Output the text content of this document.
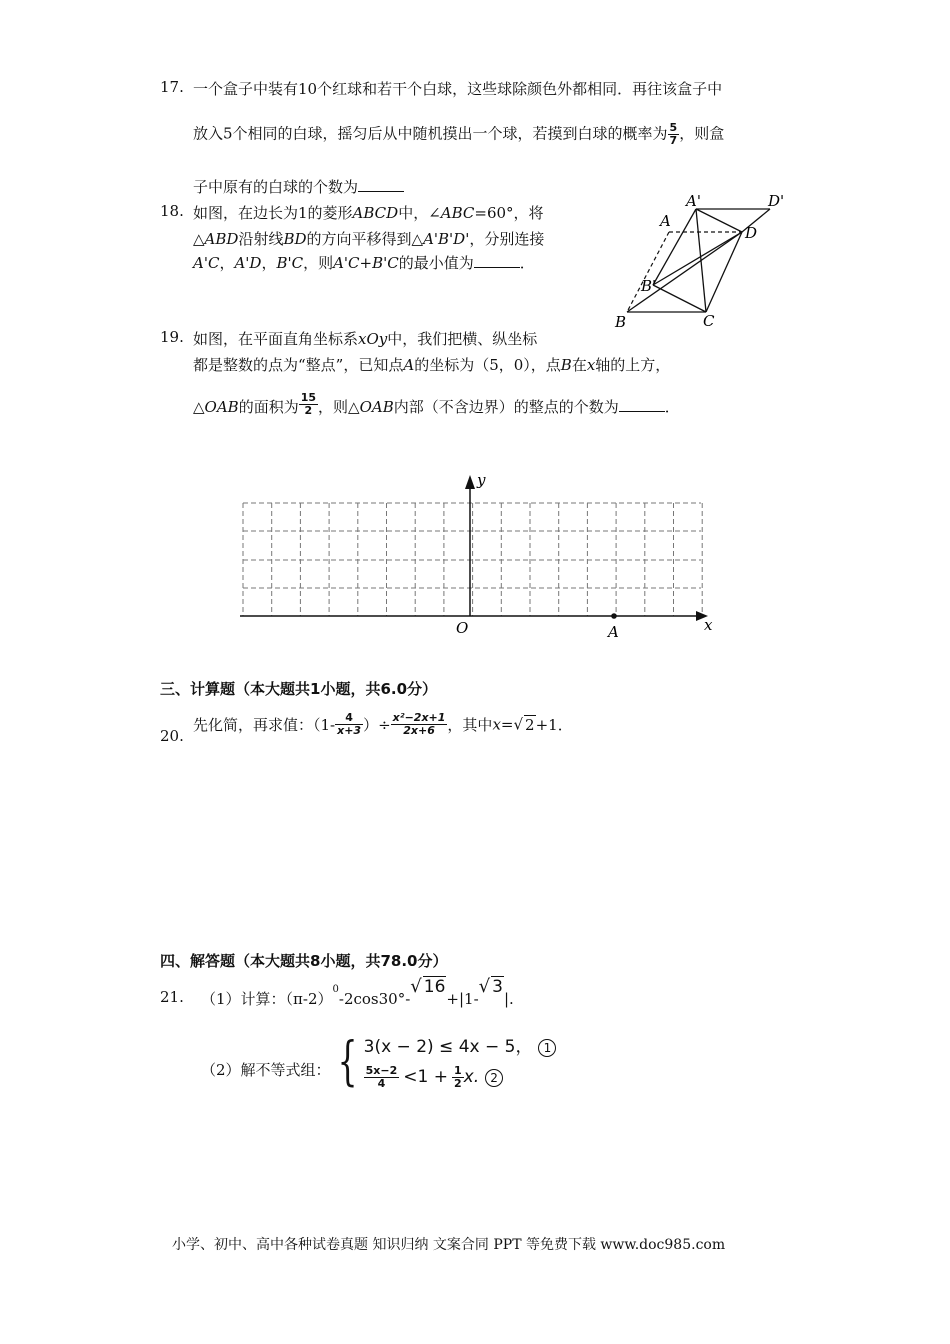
17. 一个盒子中装有10个红球和若干个白球，这些球除颜色外都相同．再往该盒子中
放入5个相同的白球，摇匀后从中随机摸出一个球，若摸到白球的概率为 $\frac{5}{7}$ ，则盒
子中原有的白球的个数为
18. 如图，在边长为1的菱形ABCD中，∠ABC=60°，将
△ABD沿射线BD的方向平移得到△A'B'D'，分别连接
A'C，A'D，B'C，则A'C+B'C的最小值为	．
A
A'	D'
D
B'
B	C
19. 如图，在平面直角坐标系xOy中，我们把横、纵坐标
都是整数的点为“整点”，已知点A的坐标为（5，0），点B在x轴的上方，
△OAB的面积为 $\frac{15}{2}$ ，则△OAB内部（不含边界）的整点的个数为	．
y
x
O	A
三、计算题（本大题共1小题，共6.0分）
20.
先化简，再求值：（$1- \frac{4}{x+3}$ ）÷ $\frac{\text{x²−2x+1}}{2x+6}$ ，其中x=√ 2+1．
四、解答题（本大题共8小题，共78.0分）
21. （1）计算：$(\pi-2)^0-2\cos 30^\circ-√$ 16+|1-√ 3|.
（2）解不等式组： { 3(x − 2) ≤ 4x − 5， 1
$\frac{5x-2}{4} <1 + \frac{1}{2} x$. 2
小学、初中、高中各种试卷真题 知识归纳 文案合同 PPT 等免费下载 www.doc985.com
